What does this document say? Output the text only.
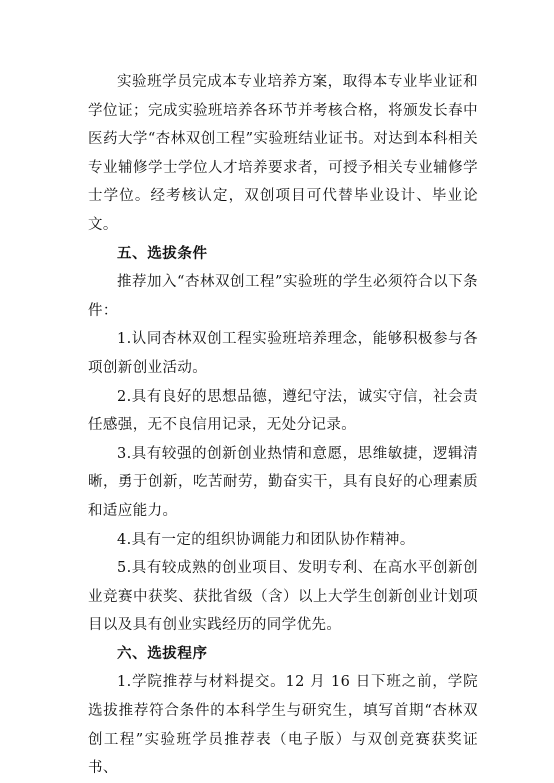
实验班学员完成本专业培养方案，取得本专业毕业证和学位证；完成实验班培养各环节并考核合格，将颁发长春中医药大学“杏林双创工程”实验班结业证书。对达到本科相关专业辅修学士学位人才培养要求者，可授予相关专业辅修学士学位。经考核认定，双创项目可代替毕业设计、毕业论文。

五、选拔条件

推荐加入“杏林双创工程”实验班的学生必须符合以下条件：

1.认同杏林双创工程实验班培养理念，能够积极参与各项创新创业活动。

2.具有良好的思想品德，遵纪守法，诚实守信，社会责任感强，无不良信用记录，无处分记录。

3.具有较强的创新创业热情和意愿，思维敏捷，逻辑清晰，勇于创新，吃苦耐劳，勤奋实干，具有良好的心理素质和适应能力。

4.具有一定的组织协调能力和团队协作精神。

5.具有较成熟的创业项目、发明专利、在高水平创新创业竞赛中获奖、获批省级（含）以上大学生创新创业计划项目以及具有创业实践经历的同学优先。

六、选拔程序

1.学院推荐与材料提交。12 月 16 日下班之前，学院选拔推荐符合条件的本科学生与研究生，填写首期“杏林双创工程”实验班学员推荐表（电子版）与双创竞赛获奖证书、
